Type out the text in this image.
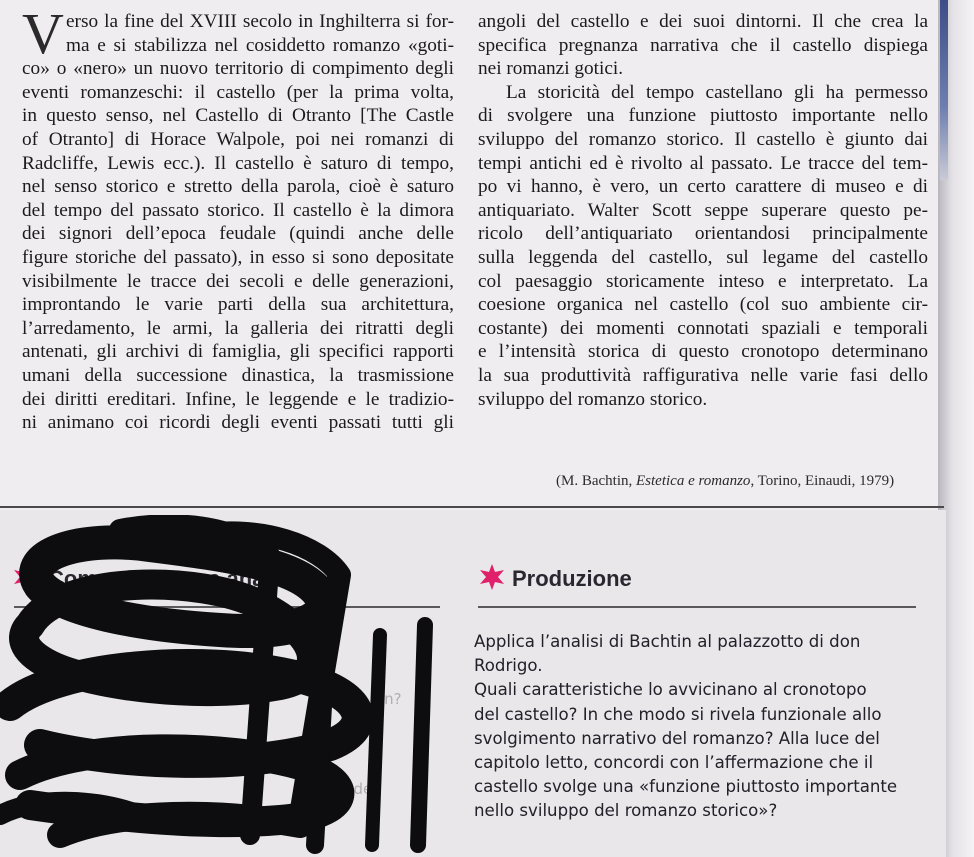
V erso la fine del XVIII secolo in Inghilterra si for-
ma e si stabilizza nel cosiddetto romanzo «goti-
co» o «nero» un nuovo territorio di compimento degli
eventi romanzeschi: il castello (per la prima volta,
in questo senso, nel Castello di Otranto [The Castle
of Otranto] di Horace Walpole, poi nei romanzi di
Radcliffe, Lewis ecc.). Il castello è saturo di tempo,
nel senso storico e stretto della parola, cioè è saturo
del tempo del passato storico. Il castello è la dimora
dei signori dell’epoca feudale (quindi anche delle
figure storiche del passato), in esso si sono depositate
visibilmente le tracce dei secoli e delle generazioni,
improntando le varie parti della sua architettura,
l’arredamento, le armi, la galleria dei ritratti degli
antenati, gli archivi di famiglia, gli specifici rapporti
umani della successione dinastica, la trasmissione
dei diritti ereditari. Infine, le leggende e le tradizio-
ni animano coi ricordi degli eventi passati tutti gli
angoli del castello e dei suoi dintorni. Il che crea la
specifica pregnanza narrativa che il castello dispiega
nei romanzi gotici.
La storicità del tempo castellano gli ha permesso
di svolgere una funzione piuttosto importante nello
sviluppo del romanzo storico. Il castello è giunto dai
tempi antichi ed è rivolto al passato. Le tracce del tem-
po vi hanno, è vero, un certo carattere di museo e di
antiquariato. Walter Scott seppe superare questo pe-
ricolo dell’antiquariato orientandosi principalmente
sulla leggenda del castello, sul legame del castello
col paesaggio storicamente inteso e interpretato. La
coesione organica nel castello (col suo ambiente cir-
costante) dei momenti connotati spaziali e temporali
e l’intensità storica di questo cronotopo determinano
la sua produttività raffigurativa nelle varie fasi dello
sviluppo del romanzo storico.
(M. Bachtin, Estetica e romanzo, Torino, Einaudi, 1979)
Comprensione e anali
in?
ha de
Produzione
Applica l’analisi di Bachtin al palazzotto di don
Rodrigo.
Quali caratteristiche lo avvicinano al cronotopo
del castello? In che modo si rivela funzionale allo
svolgimento narrativo del romanzo? Alla luce del
capitolo letto, concordi con l’affermazione che il
castello svolge una «funzione piuttosto importante
nello sviluppo del romanzo storico»?
